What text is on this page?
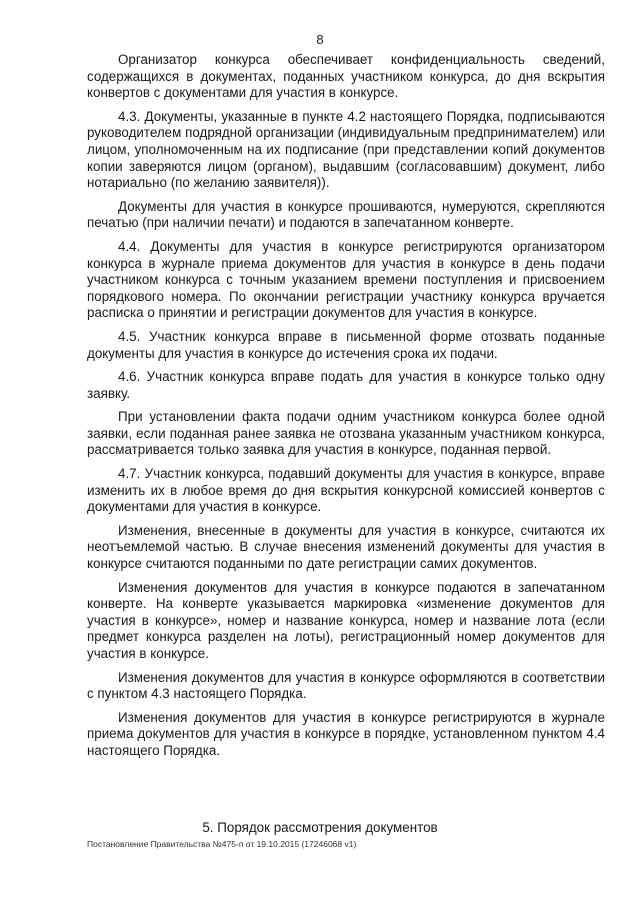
8

Организатор конкурса обеспечивает конфиденциальность сведений, содержащихся в документах, поданных участником конкурса, до дня вскрытия конвертов с документами для участия в конкурсе.

4.3. Документы, указанные в пункте 4.2 настоящего Порядка, подписываются руководителем подрядной организации (индивидуальным предпринимателем) или лицом, уполномоченным на их подписание (при представлении копий документов копии заверяются лицом (органом), выдавшим (согласовавшим) документ, либо нотариально (по желанию заявителя)).

Документы для участия в конкурсе прошиваются, нумеруются, скрепляются печатью (при наличии печати) и подаются в запечатанном конверте.

4.4. Документы для участия в конкурсе регистрируются организатором конкурса в журнале приема документов для участия в конкурсе в день подачи участником конкурса с точным указанием времени поступления и присвоением порядкового номера. По окончании регистрации участнику конкурса вручается расписка о принятии и регистрации документов для участия в конкурсе.

4.5. Участник конкурса вправе в письменной форме отозвать поданные документы для участия в конкурсе до истечения срока их подачи.

4.6. Участник конкурса вправе подать для участия в конкурсе только одну заявку.

При установлении факта подачи одним участником конкурса более одной заявки, если поданная ранее заявка не отозвана указанным участником конкурса, рассматривается только заявка для участия в конкурсе, поданная первой.

4.7. Участник конкурса, подавший документы для участия в конкурсе, вправе изменить их в любое время до дня вскрытия конкурсной комиссией конвертов с документами для участия в конкурсе.

Изменения, внесенные в документы для участия в конкурсе, считаются их неотъемлемой частью. В случае внесения изменений документы для участия в конкурсе считаются поданными по дате регистрации самих документов.

Изменения документов для участия в конкурсе подаются в запечатанном конверте. На конверте указывается маркировка «изменение документов для участия в конкурсе», номер и название конкурса, номер и название лота (если предмет конкурса разделен на лоты), регистрационный номер документов для участия в конкурсе.

Изменения документов для участия в конкурсе оформляются в соответствии с пунктом 4.3 настоящего Порядка.

Изменения документов для участия в конкурсе регистрируются в журнале приема документов для участия в конкурсе в порядке, установленном пунктом 4.4 настоящего Порядка.

5. Порядок рассмотрения документов
Постановление Правительства №475-п от 19.10.2015 (17246068 v1)
